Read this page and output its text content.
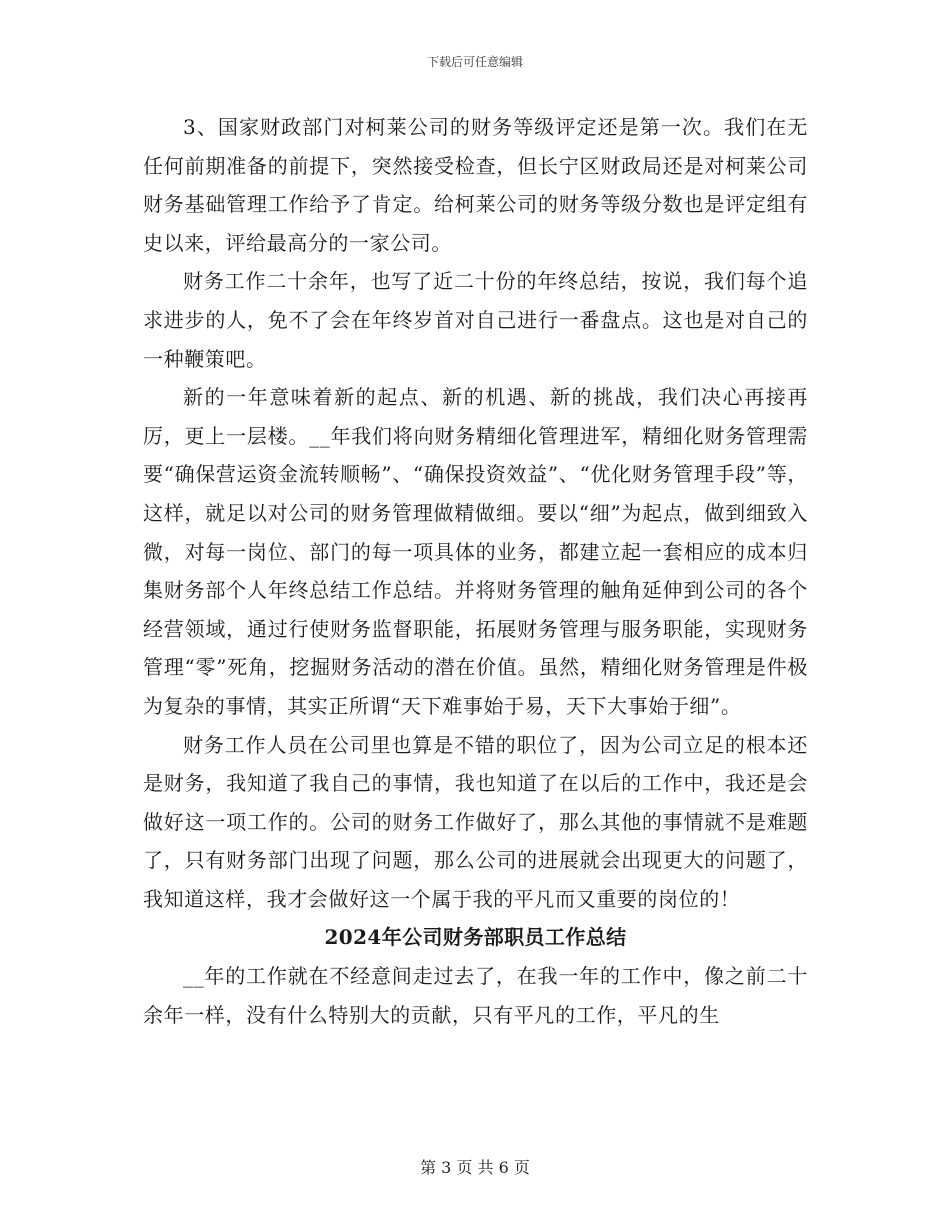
下载后可任意编辑

3、国家财政部门对柯莱公司的财务等级评定还是第一次。我们在无任何前期准备的前提下，突然接受检查，但长宁区财政局还是对柯莱公司财务基础管理工作给予了肯定。给柯莱公司的财务等级分数也是评定组有史以来，评给最高分的一家公司。

财务工作二十余年，也写了近二十份的年终总结，按说，我们每个追求进步的人，免不了会在年终岁首对自己进行一番盘点。这也是对自己的一种鞭策吧。

新的一年意味着新的起点、新的机遇、新的挑战，我们决心再接再厉，更上一层楼。__年我们将向财务精细化管理进军，精细化财务管理需要“确保营运资金流转顺畅”、“确保投资效益”、“优化财务管理手段”等，这样，就足以对公司的财务管理做精做细。要以“细”为起点，做到细致入微，对每一岗位、部门的每一项具体的业务，都建立起一套相应的成本归集财务部个人年终总结工作总结。并将财务管理的触角延伸到公司的各个经营领域，通过行使财务监督职能，拓展财务管理与服务职能，实现财务管理“零”死角，挖掘财务活动的潜在价值。虽然，精细化财务管理是件极为复杂的事情，其实正所谓“天下难事始于易，天下大事始于细”。

财务工作人员在公司里也算是不错的职位了，因为公司立足的根本还是财务，我知道了我自己的事情，我也知道了在以后的工作中，我还是会做好这一项工作的。公司的财务工作做好了，那么其他的事情就不是难题了，只有财务部门出现了问题，那么公司的进展就会出现更大的问题了，我知道这样，我才会做好这一个属于我的平凡而又重要的岗位的！

2024年公司财务部职员工作总结

__年的工作就在不经意间走过去了，在我一年的工作中，像之前二十余年一样，没有什么特别大的贡献，只有平凡的工作，平凡的生

第 3 页 共 6 页
